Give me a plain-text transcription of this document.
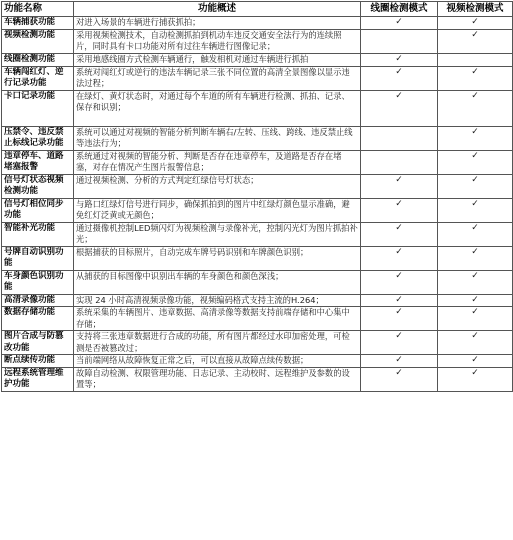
功能名称	功能概述	线圈检测模式	视频检测模式
车辆捕获功能	对进入场景的车辆进行捕获抓拍；	✓	✓
视频检测功能	采用视频检测技术，自动检测抓拍到机动车违反交通安全法行为的连续照片，同时具有卡口功能对所有过往车辆进行图像记录；		✓
线圈检测功能	采用地感线圈方式检测车辆通行，触发相机对通过车辆进行抓拍	✓	
车辆闯红灯、逆行记录功能	系统对闯红灯或逆行的违法车辆记录三张不同位置的高清全景图像以显示违法过程；	✓	✓
卡口记录功能	在绿灯、黄灯状态时，对通过每个车道的所有车辆进行检测、抓拍、记录、保存和识别；	✓	✓
压禁令、违反禁止标线记录功能	系统可以通过对视频的智能分析判断车辆右/左转、压线、跨线、违反禁止线等违法行为；		✓
违章停车、道路堵塞报警	系统通过对视频的智能分析、判断是否存在违章停车，及道路是否存在堵塞，对存在情况产生图片报警信息；		✓
信号灯状态视频检测功能	通过视频检测、分析的方式判定红绿信号灯状态；	✓	✓
信号灯相位同步功能	与路口红绿灯信号进行同步，确保抓拍到的图片中红绿灯颜色显示准确，避免红灯泛黄或无颜色；	✓	✓
智能补光功能	通过摄像机控制LED频闪灯为视频检测与录像补光，控制闪光灯为图片抓拍补光；	✓	✓
号牌自动识别功能	根据捕获的目标照片，自动完成车牌号码识别和车牌颜色识别；	✓	✓
车身颜色识别功能	从捕获的目标图像中识别出车辆的车身颜色和颜色深浅；	✓	✓
高清录像功能	实现 24 小时高清视频录像功能，视频编码格式支持主流的H.264；	✓	✓
数据存储功能	系统采集的车辆图片、违章数据、高清录像等数据支持前端存储和中心集中存储；	✓	✓
图片合成与防篡改功能	支持将三张违章数据进行合成的功能，所有图片都经过水印加密处理，可检测是否被篡改过；	✓	✓
断点续传功能	当前端网络从故障恢复正常之后，可以直接从故障点续传数据；	✓	✓
远程系统管理维护功能	故障自动检测、权限管理功能、日志记录、主动校时、远程维护及参数的设置等；	✓	✓
